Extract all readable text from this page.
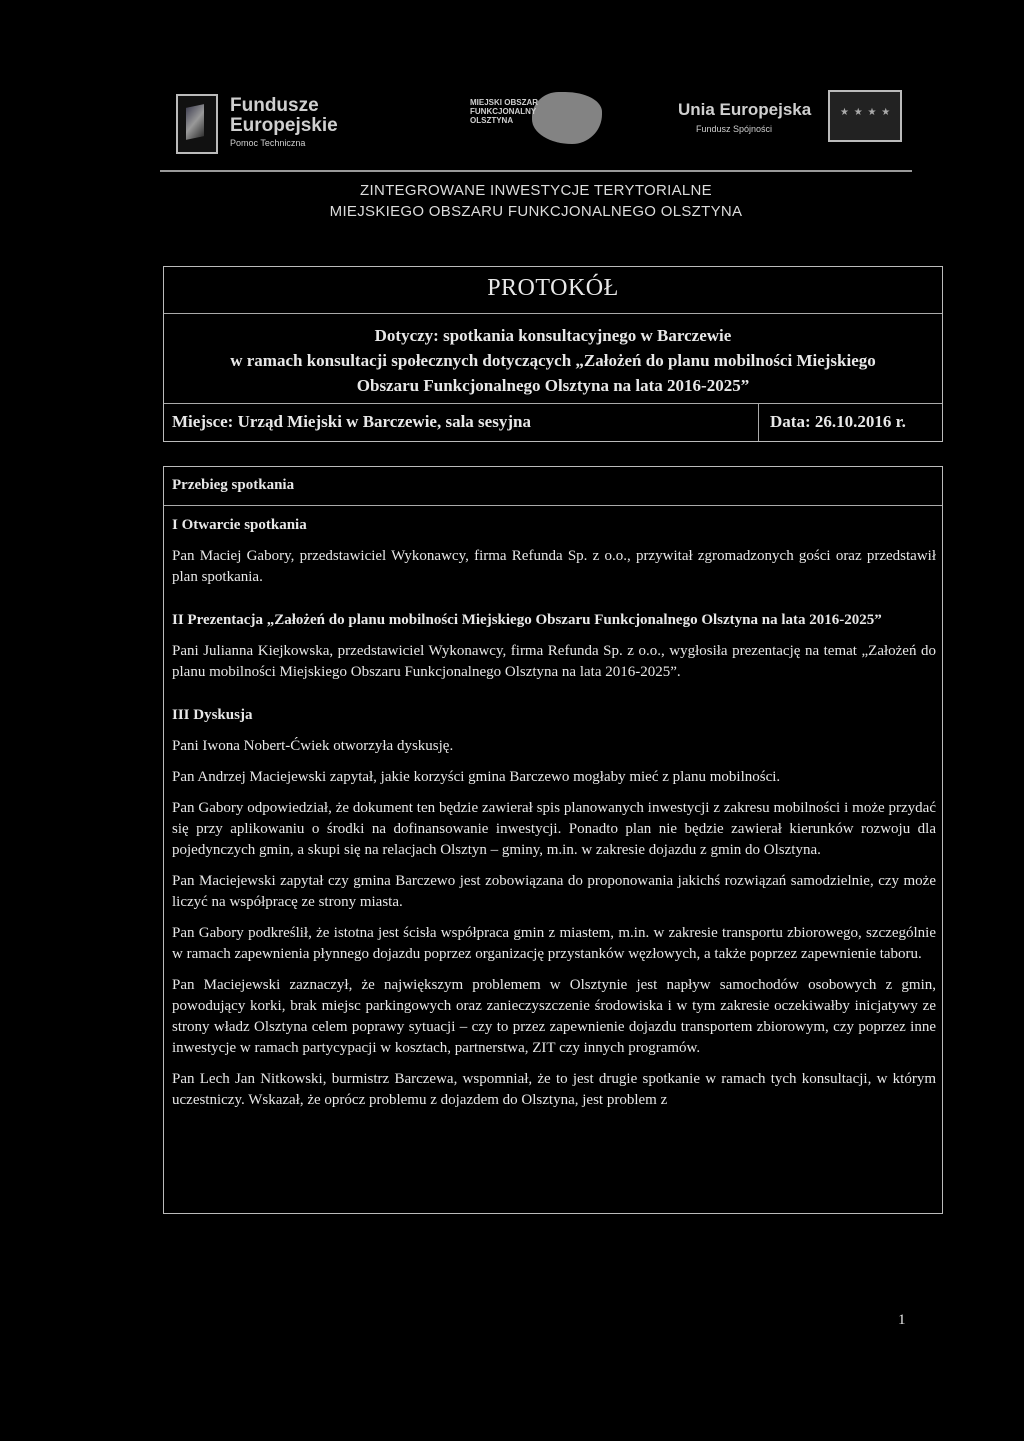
Fundusze Europejskie
Pomoc Techniczna
MIEJSKI OBSZAR FUNKCJONALNY OLSZTYNA
Unia Europejska
Fundusz Spójności
★ ★ ★ ★
ZINTEGROWANE INWESTYCJE TERYTORIALNE
MIEJSKIEGO OBSZARU FUNKCJONALNEGO OLSZTYNA
PROTOKÓŁ
Dotyczy: spotkania konsultacyjnego w Barczewie
w ramach konsultacji społecznych dotyczących „Założeń do planu mobilności Miejskiego
Obszaru Funkcjonalnego Olsztyna na lata 2016-2025”
Miejsce: Urząd Miejski w Barczewie, sala sesyjna	Data: 26.10.2016 r.
Przebieg spotkania
I Otwarcie spotkania

Pan Maciej Gabory, przedstawiciel Wykonawcy, firma Refunda Sp. z o.o., przywitał zgromadzonych gości oraz przedstawił plan spotkania.

II Prezentacja „Założeń do planu mobilności Miejskiego Obszaru Funkcjonalnego Olsztyna na lata 2016-2025”

Pani Julianna Kiejkowska, przedstawiciel Wykonawcy, firma Refunda Sp. z o.o., wygłosiła prezentację na temat „Założeń do planu mobilności Miejskiego Obszaru Funkcjonalnego Olsztyna na lata 2016-2025”.

III Dyskusja

Pani Iwona Nobert-Ćwiek otworzyła dyskusję.

Pan Andrzej Maciejewski zapytał, jakie korzyści gmina Barczewo mogłaby mieć z planu mobilności.

Pan Gabory odpowiedział, że dokument ten będzie zawierał spis planowanych inwestycji z zakresu mobilności i może przydać się przy aplikowaniu o środki na dofinansowanie inwestycji. Ponadto plan nie będzie zawierał kierunków rozwoju dla pojedynczych gmin, a skupi się na relacjach Olsztyn – gminy, m.in. w zakresie dojazdu z gmin do Olsztyna.

Pan Maciejewski zapytał czy gmina Barczewo jest zobowiązana do proponowania jakichś rozwiązań samodzielnie, czy może liczyć na współpracę ze strony miasta.

Pan Gabory podkreślił, że istotna jest ścisła współpraca gmin z miastem, m.in. w zakresie transportu zbiorowego, szczególnie w ramach zapewnienia płynnego dojazdu poprzez organizację przystanków węzłowych, a także poprzez zapewnienie taboru.

Pan Maciejewski zaznaczył, że największym problemem w Olsztynie jest napływ samochodów osobowych z gmin, powodujący korki, brak miejsc parkingowych oraz zanieczyszczenie środowiska i w tym zakresie oczekiwałby inicjatywy ze strony władz Olsztyna celem poprawy sytuacji – czy to przez zapewnienie dojazdu transportem zbiorowym, czy poprzez inne inwestycje w ramach partycypacji w kosztach, partnerstwa, ZIT czy innych programów.

Pan Lech Jan Nitkowski, burmistrz Barczewa, wspomniał, że to jest drugie spotkanie w ramach tych konsultacji, w którym uczestniczy. Wskazał, że oprócz problemu z dojazdem do Olsztyna, jest problem z

1
